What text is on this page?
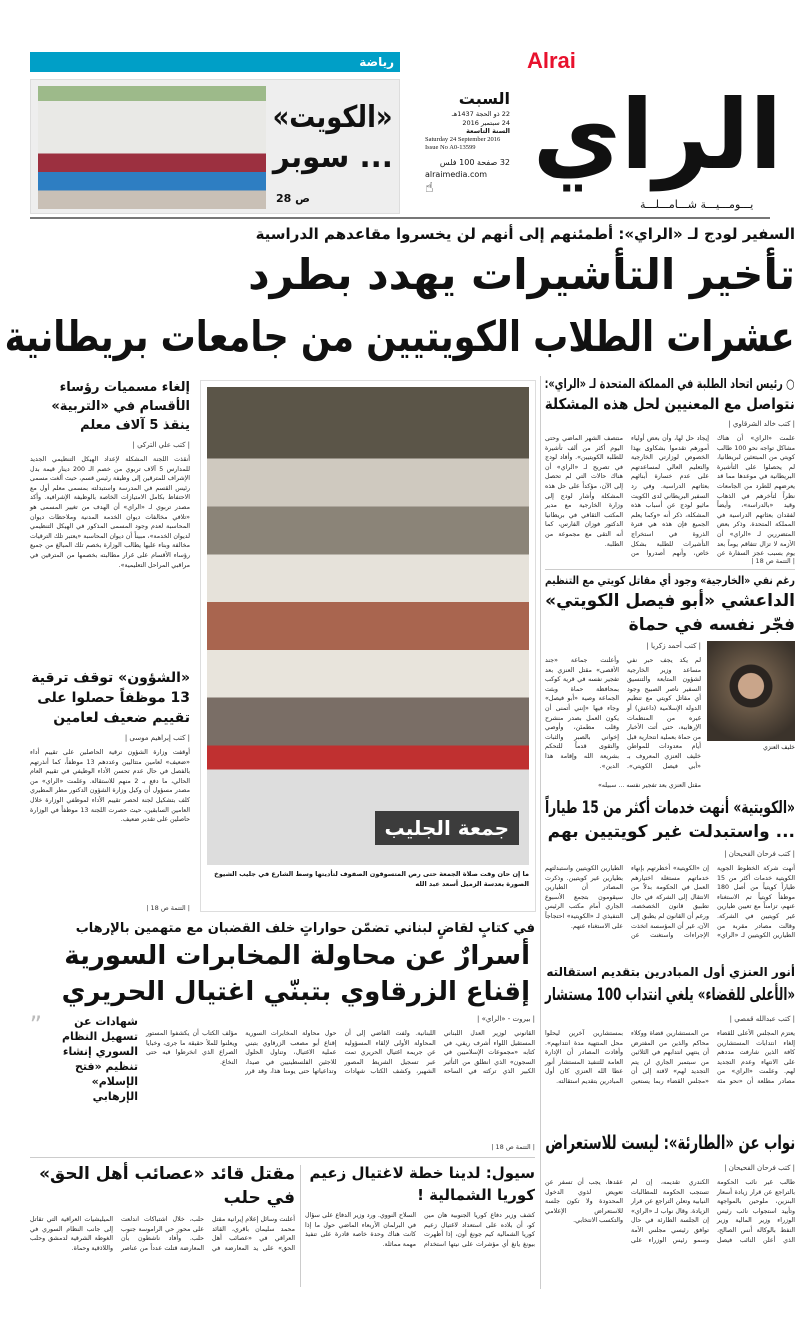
رياضة
«الكويت»
... سوبر
ص 28
Alrai
الراي
يـــومـــيـــة شـــامـــلـــة
السبت
22 ذو الحجة 1437هـ
24 سبتمبر 2016
السنة التاسعة
Saturday 24 September 2016
Issue No A0-13599
32 صفحة 100 فلس
alraimedia.com
☝
السفير لودج لـ «الراي»: أطمئنهم إلى أنهم لن يخسروا مقاعدهم الدراسية
تأخير التأشيرات يهدد بطرد
عشرات الطلاب الكويتيين من جامعات بريطانية
○ رئيس اتحاد الطلبة في المملكة المتحدة لـ «الراي»:
نتواصل مع المعنيين لحل هذه المشكلة
| كتب خالد الشرقاوي |
علمت «الراي» أن هناك مشاكل تواجه نحو 100 طالب كويتي من المبتعثين لبريطانيا، لم يحصلوا على التأشيرة البريطانية في موعدها مما قد يعرضهم للطرد من الجامعات نظراً لتأخرهم في الذهاب وقيد «بالدراسة»، وأيضاً لفقدان بعثاتهم الدراسية في المملكة المتحدة. وذكر بعض المتضررين لـ «الراي» أن الأزمة لا تزال تتفاقم يوماً بعد يوم بسبب عجز السفارة عن إيجاد حل لها، وأن بعض أولياء أمورهم تقدموا بشكاوى بهذا الخصوص لوزارتي الخارجية والتعليم العالي لمساعدتهم على عدم خسارة أبنائهم بعثاتهم الدراسية. وفي رد السفير البريطاني لدى الكويت ماثيو لودج عن أسباب هذه المشكلة، ذكر أنه «وكما يعلم الجميع فإن هذه هي فترة الذروة في استخراج التأشيرات للطلبة بشكل خاص، وأنهم أصدروا من منتصف الشهر الماضي وحتى اليوم أكثر من ألف تأشيرة للطلبة الكويتيين». وأفاد لودج في تصريح لـ «الراي» أن هناك حالات التي لم تحصل إلى الآن، مؤكداً على حل هذه المشكلة وأشار لودج إلى وزارة الخارجية مع مدير المكتب الثقافي في بريطانيا الدكتور فوزان الفارس، كما أنه التقى مع مجموعة من الطلبة.
| التتمة ص 18 |
رغم نفي «الخارجية» وجود أي مقاتل كويتي مع التنظيم
الداعشي «أبو فيصل الكويتي» فجّر نفسه في حماة
خليف العنزي
| كتب أحمد زكريا |
لم يكد يجف حبر نفي مساعد وزير الخارجية لشؤون المتابعة والتنسيق السفير ناصر الصبيح وجود أي مقاتل كويتي مع تنظيم الدولة الإسلامية (داعش) أو غيره من المنظمات الإرهابية، حتى أتت الأخبار من حماة بعملية انتحارية قبل أيام معدودات للمواطن خليف العنزي المعروف بـ «أبي فيصل الكويتي». وأعلنت جماعة «جند الأقصى» مقتل العنزي بعد تفجير نفسه في قرية كوكب بمحافظة حماة وبثت الجماعة وصية «أبو فيصل» وجاء فيها «إنني أتمنى أن يكون العمل بصدر منشرح وقلب مطمئن، وأوصي إخواني بالصبر والثبات والتقوى قدماً للتحكم بشريعة الله وإقامة هذا الدين».
مقتل العنزي بعد تفجير نفسه ... سبيله»
«الكويتية» أنهت خدمات أكثر من 15 طياراً
... واستبدلت غير كويتيين بهم
| كتب فرحان الفحيحان |
أنهت شركة الخطوط الجوية الكويتية خدمات أكثر من 15 طياراً كويتياً من أصل 180 موظفاً كويتياً تم الاستغناء عنهم، تزامناً مع تعيين طيارين غير كويتيين في الشركة. وقالت مصادر مقربة من الطيارين الكويتيين لـ «الراي» إن «الكويتية» أخطرتهم بإنهاء خدماتهم مستغلة اختيارهم العمل في الحكومة بدلاً من الانتقال إلى الشركة في حال تطبيق قانون الخصخصة، ورغم أن القانون لم يطبق إلى الآن، غير أن المؤسسة اتخذت الإجراءات واستغنت عن الطيارين الكويتيين واستبدلتهم بطيارين غير كويتيين. وذكرت المصادر أن الطيارين سيقومون بتجمع الأسبوع الجاري أمام مكتب الرئيس التنفيذي لـ «الكويتية» احتجاجاً على الاستغناء عنهم.
أنور العنزي أول المبادرين بتقديم استقالته
«الأعلى للقضاء» يلغي انتداب 100 مستشار
| كتب عبدالله قمصي |
يعتزم المجلس الأعلى للقضاء إلغاء انتدابات المستشارين كافة الذين شارفت مددهم على الانتهاء وعدم التجديد لهم. وعلمت «الراي» من مصادر مطلعة أن «نحو مئة من المستشارين قضاة ووكلاء محاكم والذين من المفترض أن ينتهي انتدابهم في الثلاثين من سبتمبر الجاري لن يتم التجديد لهم» لافتة إلى أن «مجلس القضاء ربما يستعين بمستشارين آخرين ليحلوا محل المنتهية مدة انتدابهم». وأفادت المصادر أن الإدارة العامة للتنفيذ المستشار أنور عطا الله العنزي كان أول المبادرين بتقديم استقالته.
نواب عن «الطارئة»: ليست للاستعراض
| كتب فرحان الفحيحان |
طالب غير نائب الحكومة بالتراجع عن قرار زيادة أسعار البنزين، ملوحين بالمواجهة وتأييد استجواب نائب رئيس الوزراء وزير المالية وزير النفط بالوكالة أنس الصالح، الذي أعلن النائب فيصل الكندري تقديمه، إن لم تستجب الحكومة للمطالبات النيابية وتعلن التراجع عن قرار الزيادة. وقال نواب لـ «الراي» إن الجلسة الطارئة في حال توافق رئيسي مجلس الأمة وسمو رئيس الوزراء على عقدها، يجب أن تسفر عن تعويض لذوي الدخول المحدودة ولا تكون جلسة للاستعراض الإعلامي والتكسب الانتخابي.
إلغاء مسميات رؤساء الأقسام في «التربية» ينقذ 5 آلاف معلم
| كتب علي التركي |
أنقذت اللجنة المشكلة لإعداد الهيكل التنظيمي الجديد للمدارس 5 آلاف تربوي من خصم الـ 200 دينار قيمة بدل الإشراف للمترقين إلى وظيفة رئيس قسم، حيث ألغت مسمى رئيس القسم في المدرسة واستبدلته بمسمى معلم أول مع الاحتفاظ بكامل الامتيازات الخاصة بالوظيفة الإشرافية. وأكد مصدر تربوي لـ «الراي» أن الهدف من تغيير المسمى هو «تلافي مخالفات ديوان الخدمة المدنية وملاحظات ديوان المحاسبة لعدم وجود المسمى المذكور في الهيكل التنظيمي لديوان الخدمة»، مبيناً أن ديوان المحاسبة «يعتبر تلك الترقيات مخالفة وبناء عليها يطالب الوزارة بخصم تلك المبالغ من جميع رؤساء الأقسام على غرار مطالبته بخصمها من المترقين في مراقبي المراحل التعليمية».
«الشؤون» توقف ترقية 13 موظفاً حصلوا على تقييم ضعيف لعامين
| كتب إبراهيم موسى |
أوقفت وزارة الشؤون ترقية الحاصلين على تقييم أداء «ضعيف» لعامين متتاليين وعددهم 13 موظفاً، كما أنذرتهم بالفصل في حال عدم تحسن الأداء الوظيفي في تقييم العام الحالي، ما دفع بـ 2 منهم للاستقالة. وعلمت «الراي» من مصدر مسؤول أن وكيل وزارة الشؤون الدكتور مطر المطيري كلف بتشكيل لجنة لحصر تقييم الأداء لموظفي الوزارة خلال العامين السابقين، حيث حصرت اللجنة 13 موظفاً في الوزارة حاصلين على تقدير ضعيف.
| التتمة ص 18 |
جمعة الجليب
ما إن حان وقت صلاة الجمعة حتى رص المتسوقون الصفوف لتأديتها وسط الشارع في جليب الشيوخ
الصورة بعدسة الزميل أسعد عبد الله
في كتابٍ لقاضٍ لبناني تضمّن حواراتٍ خلف القضبان مع متهمين بالإرهاب
أسرارٌ عن محاولة المخابرات السورية إقناع الزرقاوي بتبنّي اغتيال الحريري
| بيروت - «الراي» |
القانوني لوزير العدل اللبناني المستقيل اللواء أشرف ريفي، في كتابه «مجموعات الإسلاميين في السجون» الذي انطلق من التأثير الكبير الذي تركته في الساحة اللبنانية. ولفت القاضي إلى أن المحاولة الأولى لإلقاء المسؤولية عن جريمة اغتيال الحريري تمت عبر تسجيل الشريط المصور الشهير، وكشف الكتاب شهادات حول محاولة المخابرات السورية إقناع أبو مصعب الزرقاوي بتبني عملية الاغتيال، وتناول الحلول للاجئين الفلسطينيين في صيدا، وتداعياتها حتى يومنا هذا، وقد قرر مؤلف الكتاب أن يكشفوا المستور ويعلنوا للملأ حقيقة ما جرى، وخبايا الصراع الذي انخرطوا فيه حتى النخاع.
| التتمة ص 18 |
شهادات عن تسهيل النظام السوري إنشاء تنظيم «فتح الإسلام» الإرهابي
”
سيول: لدينا خطة لاغتيال زعيم كوريا الشمالية !
كشف وزير دفاع كوريا الجنوبية هان مين كو، أن بلاده على استعداد لاغتيال زعيم كوريا الشمالية كيم جونغ أون، إذا أظهرت بيونغ يانغ أي مؤشرات على نيتها استخدام السلاح النووي. ورد وزير الدفاع على سؤال في البرلمان الأربعاء الماضي حول ما إذا كانت هناك وحدة خاصة قادرة على تنفيذ مهمة مماثلة.
مقتل قائد «عصائب أهل الحق» في حلب
أعلنت وسائل إعلام إيرانية مقتل محمد سليمان باقري، القائد العراقي في «عصائب أهل الحق» على يد المعارضة في حلب، خلال اشتباكات اندلعت على محور حي الراموسة جنوب حلب. وأفاد ناشطون بأن المعارضة قتلت عدداً من عناصر الميليشيات العراقية التي تقاتل إلى جانب النظام السوري في الغوطة الشرقية لدمشق وحلب واللاذقية وحماة.
